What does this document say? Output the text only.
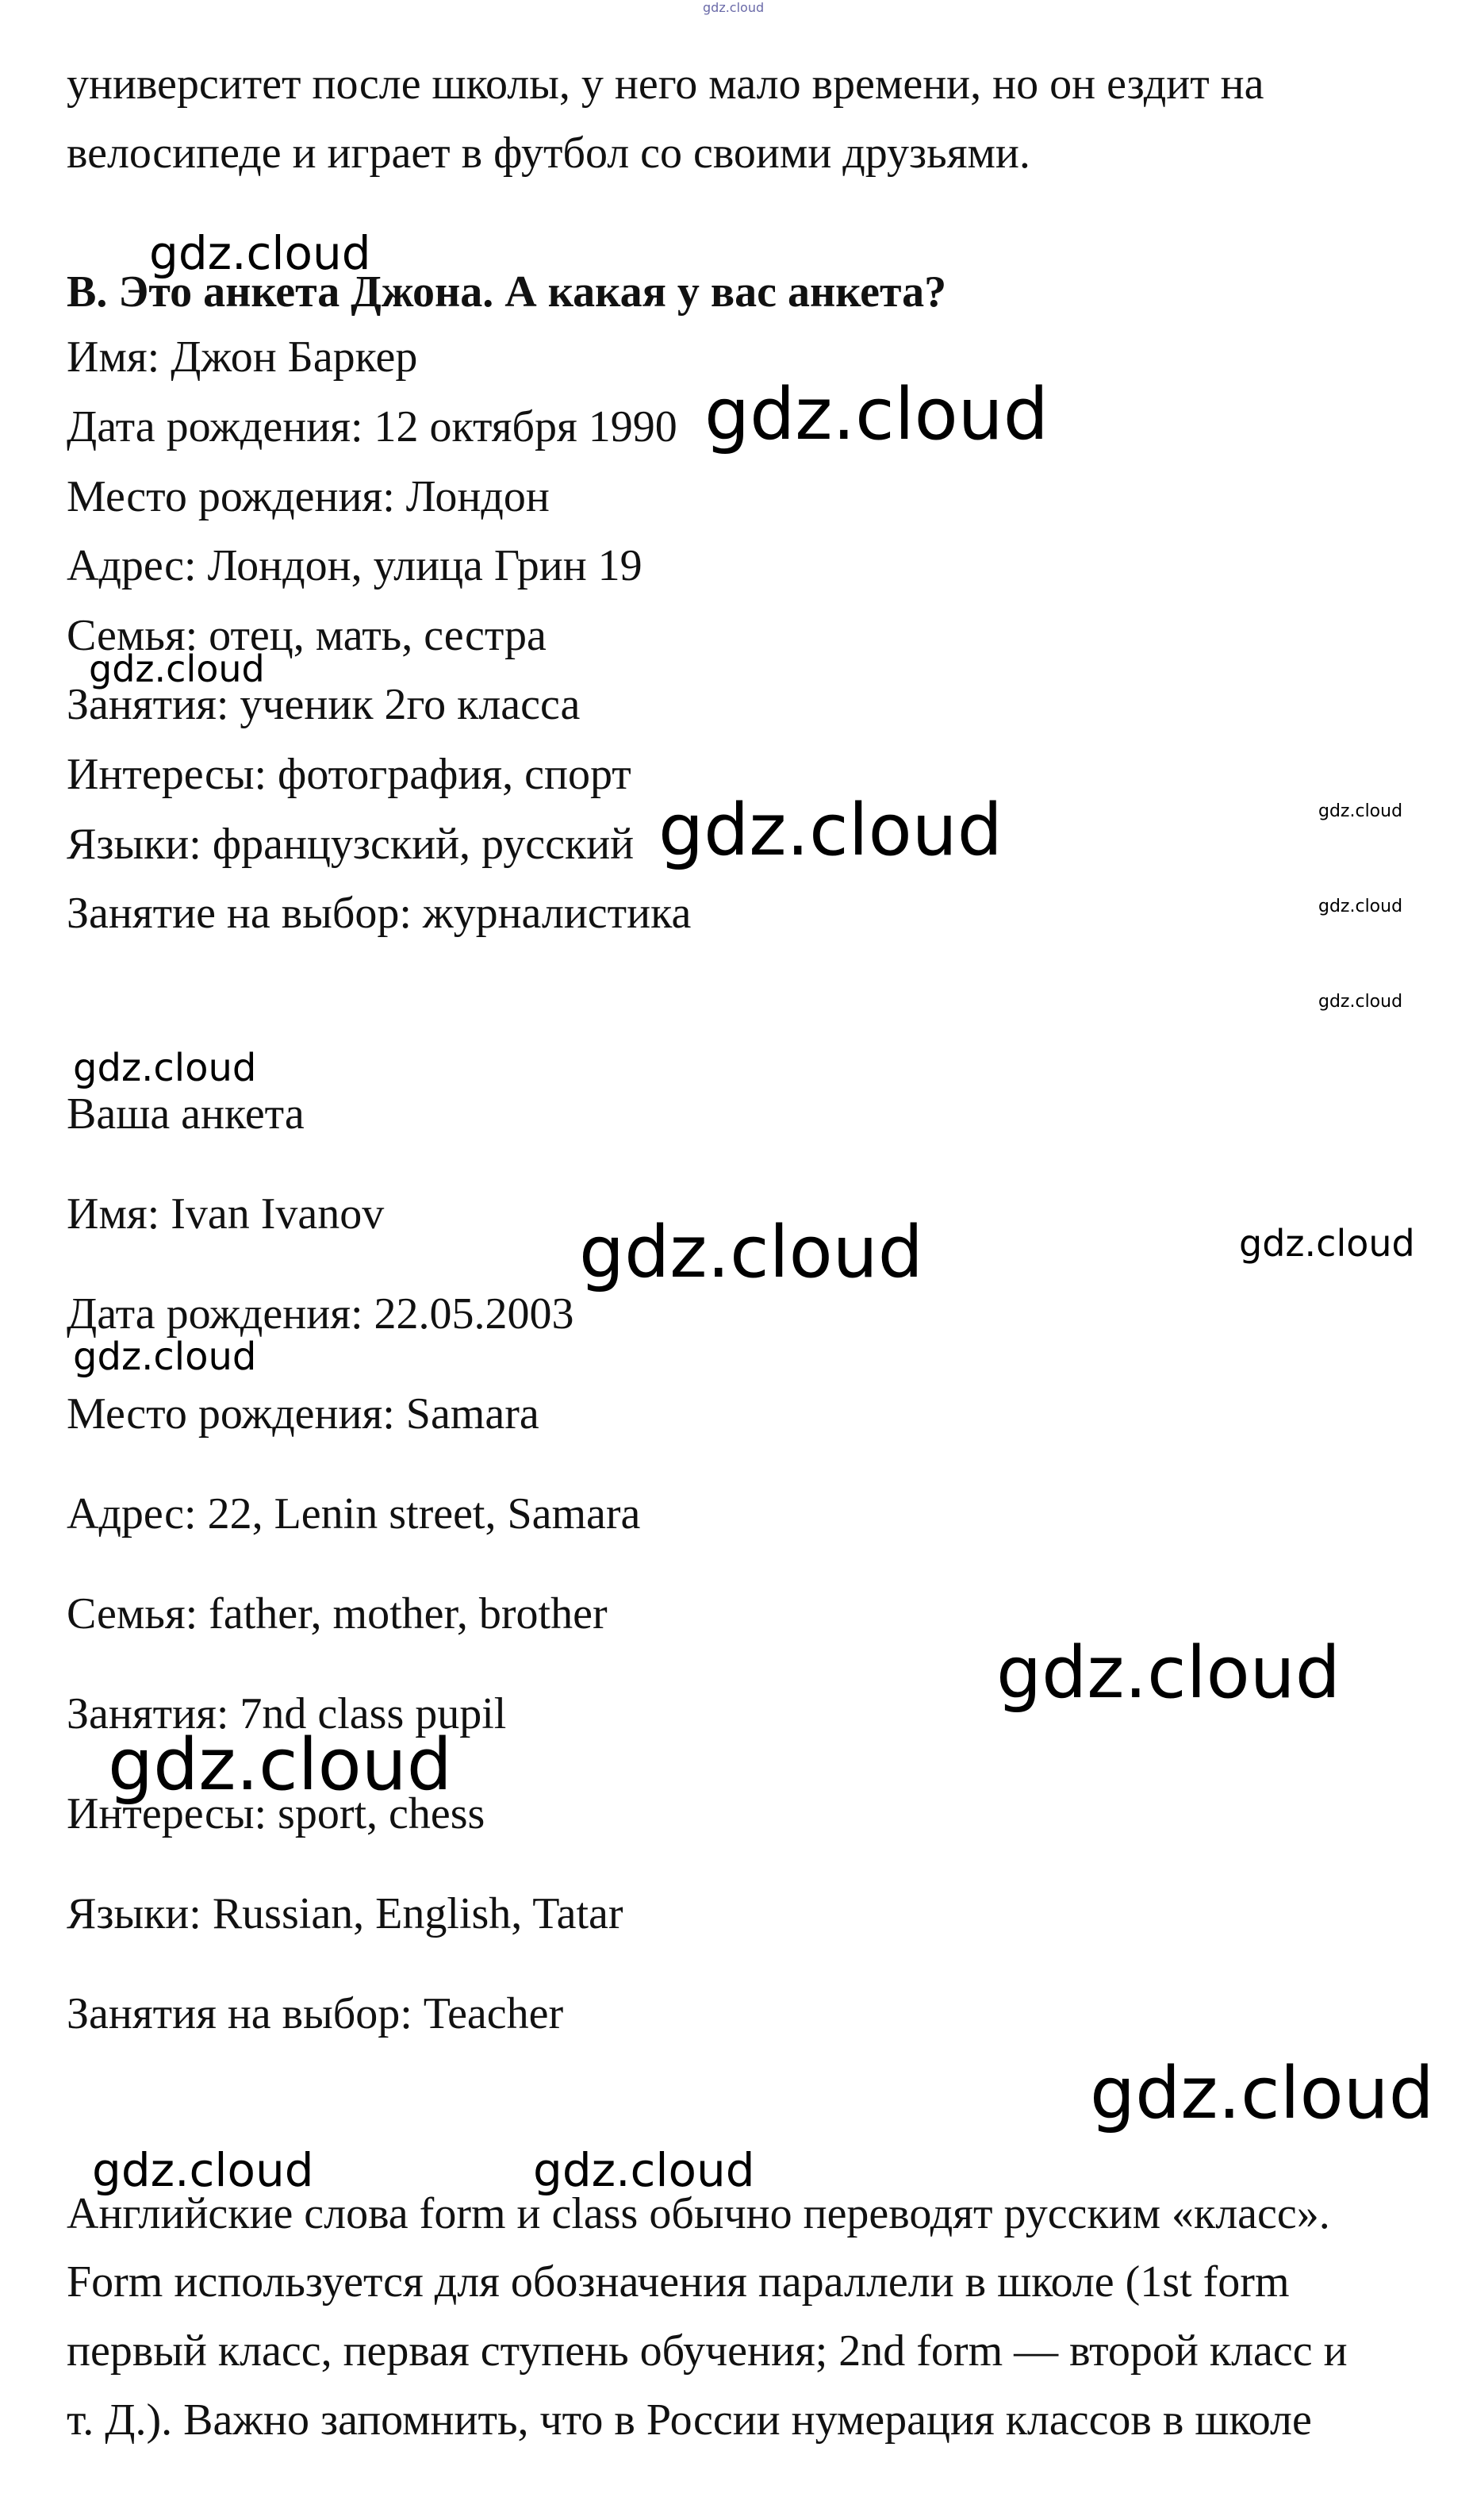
gdz.cloud
университет после школы, у него мало времени, но он ездит на
велосипеде и играет в футбол со своими друзьями.
B. Это анкета Джона. А какая у вас анкета?
Имя: Джон Баркер
Дата рождения: 12 октября 1990
Место рождения: Лондон
Адрес: Лондон, улица Грин 19
Семья: отец, мать, сестра
Занятия: ученик 2го класса
Интересы: фотография, спорт
Языки: французский, русский
Занятие на выбор: журналистика
Ваша анкета
Имя: Ivan Ivanov
Дата рождения: 22.05.2003
Место рождения: Samara
Адрес: 22, Lenin street, Samara
Семья: father, mother, brother
Занятия: 7nd class pupil
Интересы: sport, chess
Языки: Russian, English, Tatar
Занятия на выбор: Teacher
Английские слова form и class обычно переводят русским «класс».
Form используется для обозначения параллели в школе (1st form
первый класс, первая ступень обучения; 2nd form — второй класс и
т. Д.). Важно запомнить, что в России нумерация классов в школе
gdz.cloud
gdz.cloud
gdz.cloud
gdz.cloud	gdz.cloud
gdz.cloud
gdz.cloud
gdz.cloud
gdz.cloud	gdz.cloud
gdz.cloud
gdz.cloud
gdz.cloud
gdz.cloud
gdz.cloud	gdz.cloud
